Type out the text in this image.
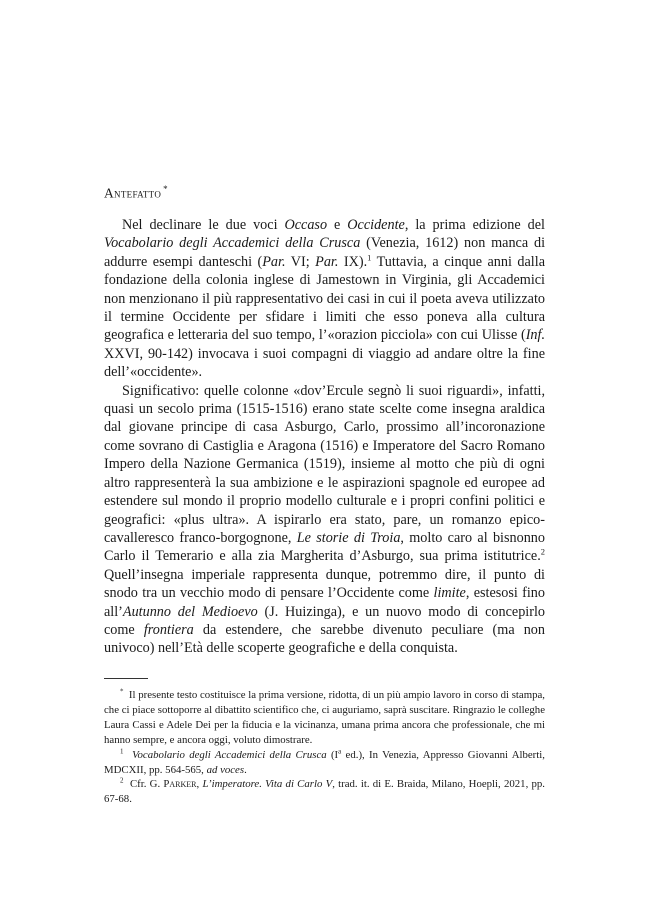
Antefatto *

Nel declinare le due voci Occaso e Occidente, la prima edizione del Vocabolario degli Accademici della Crusca (Venezia, 1612) non manca di addurre esempi danteschi (Par. VI; Par. IX).$^1$ Tuttavia, a cinque anni dalla fondazione della colonia inglese di Jamestown in Virginia, gli Accademici non menzionano il più rappresentativo dei casi in cui il poeta aveva utilizzato il termine Occidente per sfidare i limiti che esso poneva alla cultura geografica e letteraria del suo tempo, l’«orazion picciola» con cui Ulisse (Inf. XXVI, 90-142) invocava i suoi compagni di viaggio ad andare oltre la fine dell’«occidente».

Significativo: quelle colonne «dov’Ercule segnò li suoi riguardi», infatti, quasi un secolo prima (1515-1516) erano state scelte come insegna araldica dal giovane principe di casa Asburgo, Carlo, prossimo all’incoronazione come sovrano di Castiglia e Aragona (1516) e Imperatore del Sacro Romano Impero della Nazione Germanica (1519), insieme al motto che più di ogni altro rappresenterà la sua ambizione e le aspirazioni spagnole ed europee ad estendere sul mondo il proprio modello culturale e i propri confini politici e geografici: «plus ultra». A ispirarlo era stato, pare, un romanzo epico-cavalleresco franco-borgognone, Le storie di Troia, molto caro al bisnonno Carlo il Temerario e alla zia Margherita d’Asburgo, sua prima istitutrice.$^2$ Quell’insegna imperiale rappresenta dunque, potremmo dire, il punto di snodo tra un vecchio modo di pensare l’Occidente come limite, estesosi fino all’Autunno del Medioevo (J. Huizinga), e un nuovo modo di concepirlo come frontiera da estendere, che sarebbe divenuto peculiare (ma non univoco) nell’Età delle scoperte geografiche e della conquista.

* Il presente testo costituisce la prima versione, ridotta, di un più ampio lavoro in corso di stampa, che ci piace sottoporre al dibattito scientifico che, ci auguriamo, saprà suscitare. Ringrazio le colleghe Laura Cassi e Adele Dei per la fiducia e la vicinanza, umana prima ancora che professionale, che mi hanno sempre, e ancora oggi, voluto dimostrare.

$^1$ Vocabolario degli Accademici della Crusca ($I^a$ ed.), In Venezia, Appresso Giovanni Alberti, MDCXII, pp. 564-565, ad voces.

$^2$ Cfr. G. Parker, L’imperatore. Vita di Carlo V, trad. it. di E. Braida, Milano, Hoepli, 2021, pp. 67-68.
